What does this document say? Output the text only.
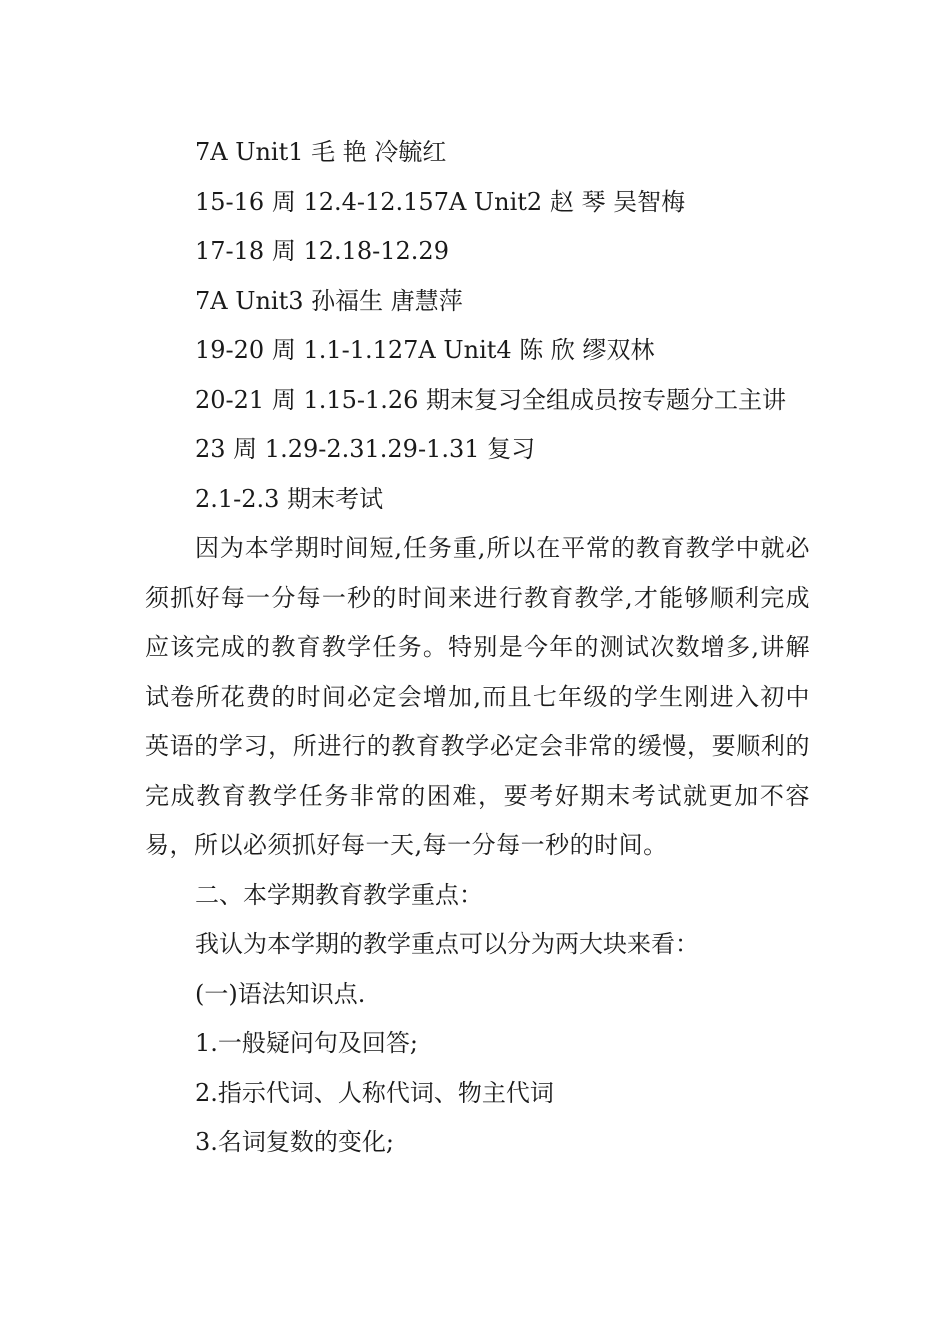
7A Unit1 毛 艳 冷毓红
15-16 周 12.4-12.157A Unit2 赵 琴 吴智梅
17-18 周 12.18-12.29
7A Unit3 孙福生 唐慧萍
19-20 周 1.1-1.127A Unit4 陈 欣 缪双林
20-21 周 1.15-1.26 期末复习全组成员按专题分工主讲
23 周 1.29-2.31.29-1.31 复习
2.1-2.3 期末考试

因为本学期时间短,任务重,所以在平常的教育教学中就必须抓好每一分每一秒的时间来进行教育教学,才能够顺利完成应该完成的教育教学任务。特别是今年的测试次数增多,讲解试卷所花费的时间必定会增加,而且七年级的学生刚进入初中英语的学习，所进行的教育教学必定会非常的缓慢，要顺利的完成教育教学任务非常的困难，要考好期末考试就更加不容易，所以必须抓好每一天,每一分每一秒的时间。

二、本学期教育教学重点：
我认为本学期的教学重点可以分为两大块来看：
(一)语法知识点.
1.一般疑问句及回答;
2.指示代词、人称代词、物主代词
3.名词复数的变化;
